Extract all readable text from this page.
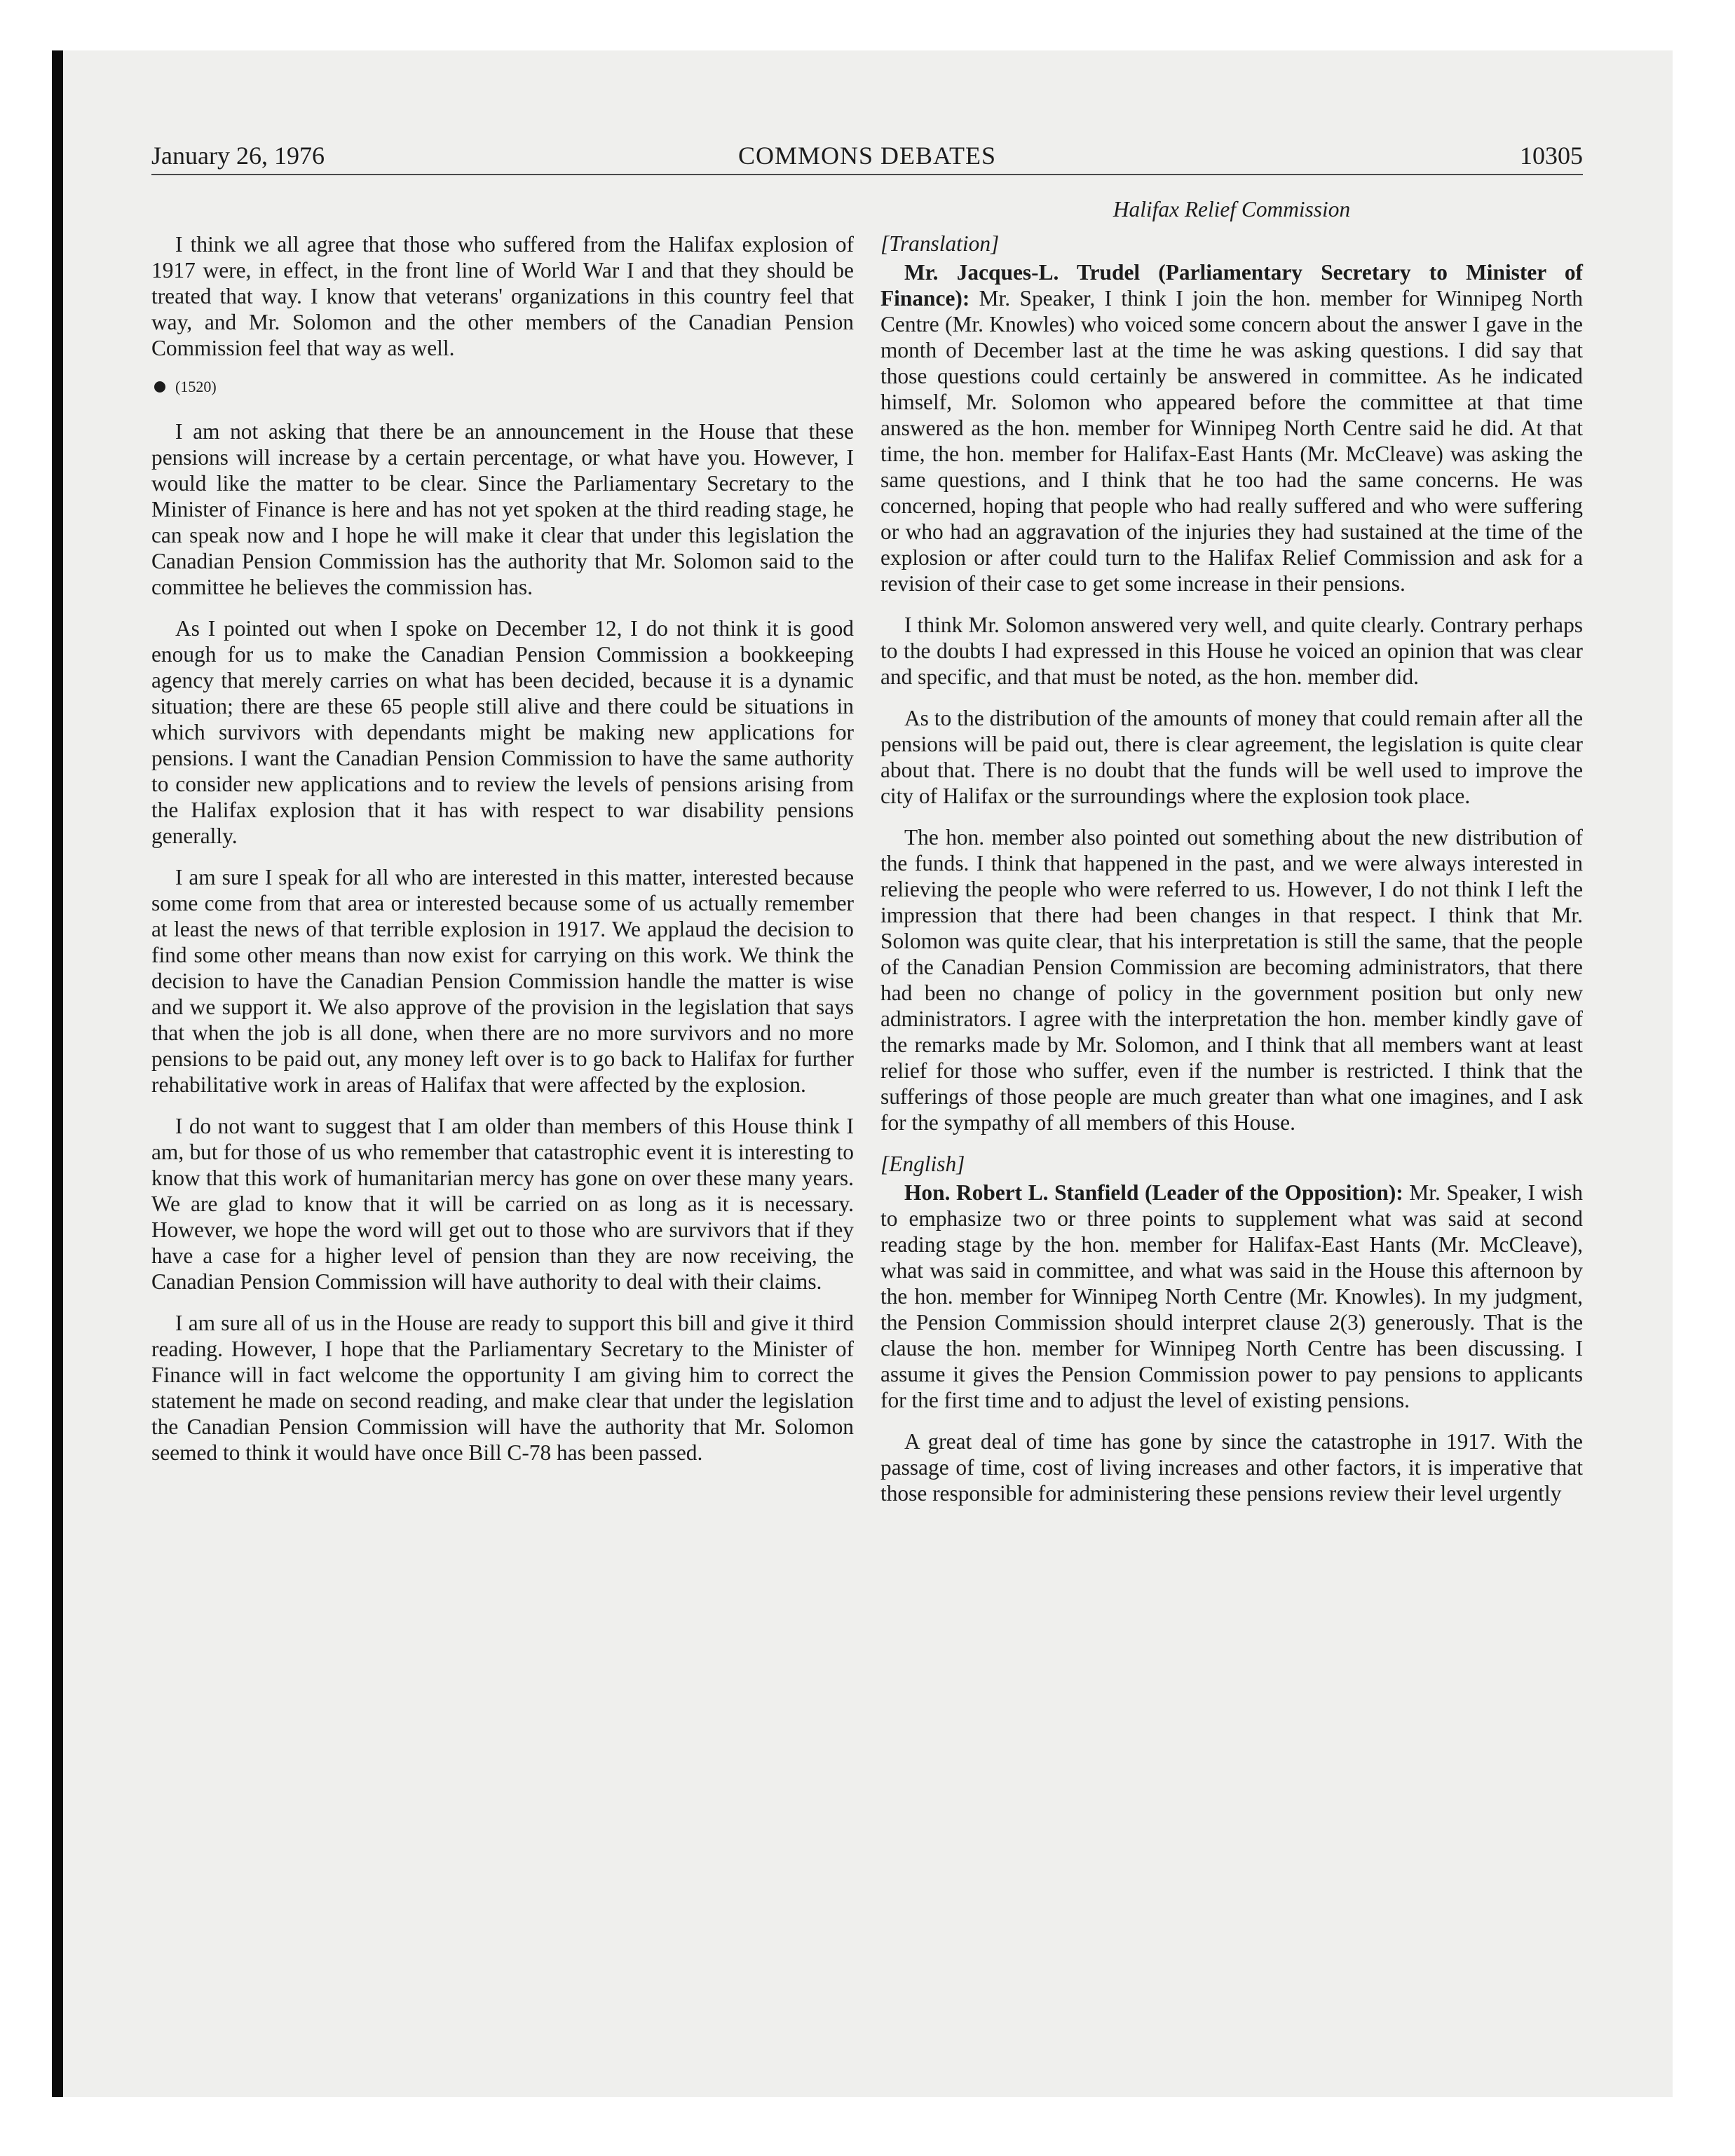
January 26, 1976	COMMONS DEBATES	10305

I think we all agree that those who suffered from the Halifax explosion of 1917 were, in effect, in the front line of World War I and that they should be treated that way. I know that veterans' organizations in this country feel that way, and Mr. Solomon and the other members of the Canadian Pension Commission feel that way as well.

(1520)

I am not asking that there be an announcement in the House that these pensions will increase by a certain percentage, or what have you. However, I would like the matter to be clear. Since the Parliamentary Secretary to the Minister of Finance is here and has not yet spoken at the third reading stage, he can speak now and I hope he will make it clear that under this legislation the Canadian Pension Commission has the authority that Mr. Solomon said to the committee he believes the commission has.

As I pointed out when I spoke on December 12, I do not think it is good enough for us to make the Canadian Pension Commission a bookkeeping agency that merely carries on what has been decided, because it is a dynamic situation; there are these 65 people still alive and there could be situations in which survivors with dependants might be making new applications for pensions. I want the Canadian Pension Commission to have the same authority to consider new applications and to review the levels of pensions arising from the Halifax explosion that it has with respect to war disability pensions generally.

I am sure I speak for all who are interested in this matter, interested because some come from that area or interested because some of us actually remember at least the news of that terrible explosion in 1917. We applaud the decision to find some other means than now exist for carrying on this work. We think the decision to have the Canadian Pension Commission handle the matter is wise and we support it. We also approve of the provision in the legislation that says that when the job is all done, when there are no more survivors and no more pensions to be paid out, any money left over is to go back to Halifax for further rehabilitative work in areas of Halifax that were affected by the explosion.

I do not want to suggest that I am older than members of this House think I am, but for those of us who remember that catastrophic event it is interesting to know that this work of humanitarian mercy has gone on over these many years. We are glad to know that it will be carried on as long as it is necessary. However, we hope the word will get out to those who are survivors that if they have a case for a higher level of pension than they are now receiving, the Canadian Pension Commission will have authority to deal with their claims.

I am sure all of us in the House are ready to support this bill and give it third reading. However, I hope that the Parliamentary Secretary to the Minister of Finance will in fact welcome the opportunity I am giving him to correct the statement he made on second reading, and make clear that under the legislation the Canadian Pension Commission will have the authority that Mr. Solomon seemed to think it would have once Bill C-78 has been passed.

Halifax Relief Commission
[Translation]

Mr. Jacques-L. Trudel (Parliamentary Secretary to Minister of Finance): Mr. Speaker, I think I join the hon. member for Winnipeg North Centre (Mr. Knowles) who voiced some concern about the answer I gave in the month of December last at the time he was asking questions. I did say that those questions could certainly be answered in committee. As he indicated himself, Mr. Solomon who appeared before the committee at that time answered as the hon. member for Winnipeg North Centre said he did. At that time, the hon. member for Halifax-East Hants (Mr. McCleave) was asking the same questions, and I think that he too had the same concerns. He was concerned, hoping that people who had really suffered and who were suffering or who had an aggravation of the injuries they had sustained at the time of the explosion or after could turn to the Halifax Relief Commission and ask for a revision of their case to get some increase in their pensions.

I think Mr. Solomon answered very well, and quite clearly. Contrary perhaps to the doubts I had expressed in this House he voiced an opinion that was clear and specific, and that must be noted, as the hon. member did.

As to the distribution of the amounts of money that could remain after all the pensions will be paid out, there is clear agreement, the legislation is quite clear about that. There is no doubt that the funds will be well used to improve the city of Halifax or the surroundings where the explosion took place.

The hon. member also pointed out something about the new distribution of the funds. I think that happened in the past, and we were always interested in relieving the people who were referred to us. However, I do not think I left the impression that there had been changes in that respect. I think that Mr. Solomon was quite clear, that his interpretation is still the same, that the people of the Canadian Pension Commission are becoming administrators, that there had been no change of policy in the government position but only new administrators. I agree with the interpretation the hon. member kindly gave of the remarks made by Mr. Solomon, and I think that all members want at least relief for those who suffer, even if the number is restricted. I think that the sufferings of those people are much greater than what one imagines, and I ask for the sympathy of all members of this House.

[English]

Hon. Robert L. Stanfield (Leader of the Opposition): Mr. Speaker, I wish to emphasize two or three points to supplement what was said at second reading stage by the hon. member for Halifax-East Hants (Mr. McCleave), what was said in committee, and what was said in the House this afternoon by the hon. member for Winnipeg North Centre (Mr. Knowles). In my judgment, the Pension Commission should interpret clause 2(3) generously. That is the clause the hon. member for Winnipeg North Centre has been discussing. I assume it gives the Pension Commission power to pay pensions to applicants for the first time and to adjust the level of existing pensions.

A great deal of time has gone by since the catastrophe in 1917. With the passage of time, cost of living increases and other factors, it is imperative that those responsible for administering these pensions review their level urgently
